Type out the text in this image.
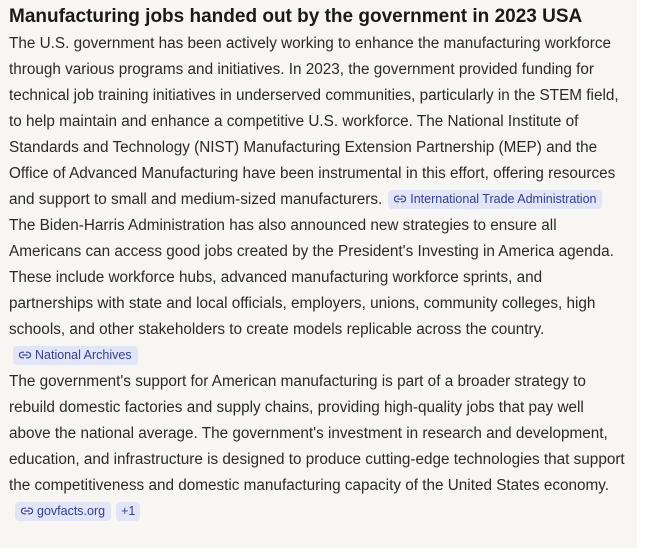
Manufacturing jobs handed out by the government in 2023 USA

The U.S. government has been actively working to enhance the manufacturing workforce through various programs and initiatives. In 2023, the government provided funding for technical job training initiatives in underserved communities, particularly in the STEM field, to help maintain and enhance a competitive U.S. workforce. The National Institute of Standards and Technology (NIST) Manufacturing Extension Partnership (MEP) and the Office of Advanced Manufacturing have been instrumental in this effort, offering resources and support to small and medium-sized manufacturers. International Trade Administration

The Biden-Harris Administration has also announced new strategies to ensure all Americans can access good jobs created by the President's Investing in America agenda. These include workforce hubs, advanced manufacturing workforce sprints, and partnerships with state and local officials, employers, unions, community colleges, high schools, and other stakeholders to create models replicable across the country.
National Archives

The government's support for American manufacturing is part of a broader strategy to rebuild domestic factories and supply chains, providing high-quality jobs that pay well above the national average. The government's investment in research and development, education, and infrastructure is designed to produce cutting-edge technologies that support the competitiveness and domestic manufacturing capacity of the United States economy.
govfacts.org +1
